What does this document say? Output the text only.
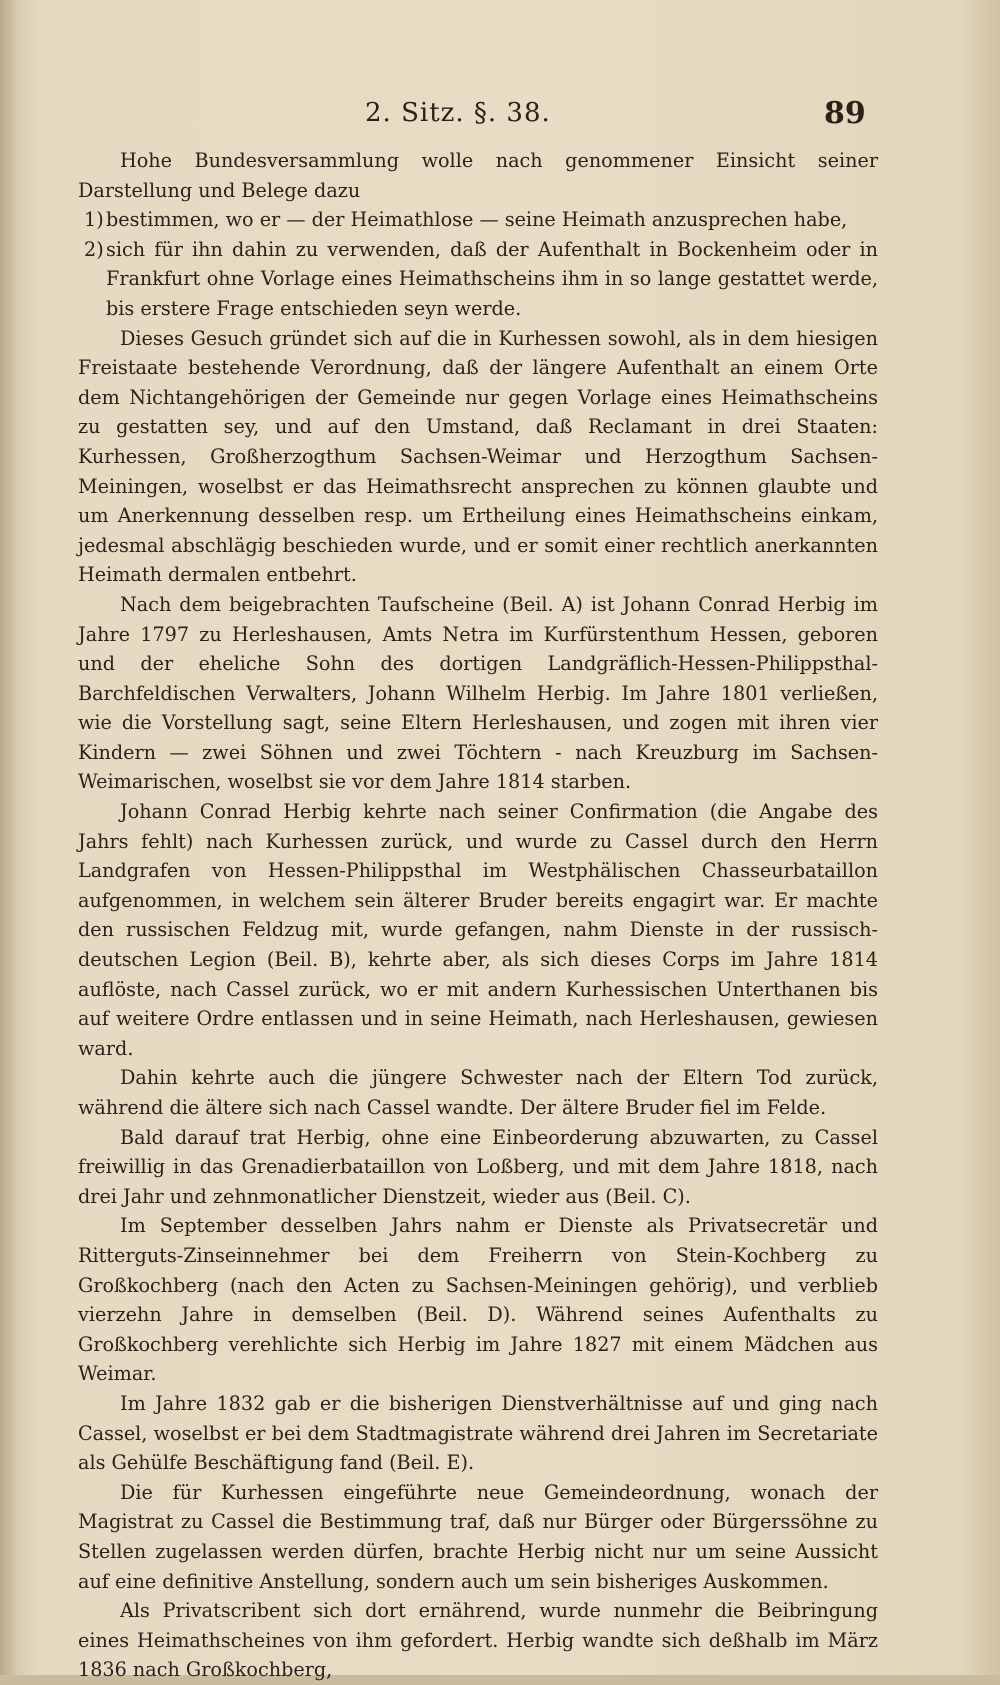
2. Sitz. §. 38.	89

Hohe Bundesversammlung wolle nach genommener Einsicht seiner Darstellung und Belege dazu

1) bestimmen, wo er — der Heimathlose — seine Heimath anzusprechen habe,

2) sich für ihn dahin zu verwenden, daß der Aufenthalt in Bockenheim oder in Frankfurt ohne Vorlage eines Heimathscheins ihm in so lange gestattet werde, bis erstere Frage entschieden seyn werde.

Dieses Gesuch gründet sich auf die in Kurhessen sowohl, als in dem hiesigen Freistaate bestehende Verordnung, daß der längere Aufenthalt an einem Orte dem Nichtangehörigen der Gemeinde nur gegen Vorlage eines Heimathscheins zu gestatten sey, und auf den Umstand, daß Reclamant in drei Staaten: Kurhessen, Großherzogthum Sachsen-Weimar und Herzogthum Sachsen-Meiningen, woselbst er das Heimathsrecht ansprechen zu können glaubte und um Anerkennung desselben resp. um Ertheilung eines Heimathscheins einkam, jedesmal abschlägig beschieden wurde, und er somit einer rechtlich anerkannten Heimath dermalen entbehrt.

Nach dem beigebrachten Taufscheine (Beil. A) ist Johann Conrad Herbig im Jahre 1797 zu Herleshausen, Amts Netra im Kurfürstenthum Hessen, geboren und der eheliche Sohn des dortigen Landgräflich-Hessen-Philippsthal-Barchfeldischen Verwalters, Johann Wilhelm Herbig. Im Jahre 1801 verließen, wie die Vorstellung sagt, seine Eltern Herleshausen, und zogen mit ihren vier Kindern — zwei Söhnen und zwei Töchtern - nach Kreuzburg im Sachsen-Weimarischen, woselbst sie vor dem Jahre 1814 starben.

Johann Conrad Herbig kehrte nach seiner Confirmation (die Angabe des Jahrs fehlt) nach Kurhessen zurück, und wurde zu Cassel durch den Herrn Landgrafen von Hessen-Philippsthal im Westphälischen Chasseurbataillon aufgenommen, in welchem sein älterer Bruder bereits engagirt war. Er machte den russischen Feldzug mit, wurde gefangen, nahm Dienste in der russisch-deutschen Legion (Beil. B), kehrte aber, als sich dieses Corps im Jahre 1814 auflöste, nach Cassel zurück, wo er mit andern Kurhessischen Unterthanen bis auf weitere Ordre entlassen und in seine Heimath, nach Herleshausen, gewiesen ward.

Dahin kehrte auch die jüngere Schwester nach der Eltern Tod zurück, während die ältere sich nach Cassel wandte. Der ältere Bruder fiel im Felde.

Bald darauf trat Herbig, ohne eine Einbeorderung abzuwarten, zu Cassel freiwillig in das Grenadierbataillon von Loßberg, und mit dem Jahre 1818, nach drei Jahr und zehnmonatlicher Dienstzeit, wieder aus (Beil. C).

Im September desselben Jahrs nahm er Dienste als Privatsecretär und Ritterguts-Zinseinnehmer bei dem Freiherrn von Stein-Kochberg zu Großkochberg (nach den Acten zu Sachsen-Meiningen gehörig), und verblieb vierzehn Jahre in demselben (Beil. D). Während seines Aufenthalts zu Großkochberg verehlichte sich Herbig im Jahre 1827 mit einem Mädchen aus Weimar.

Im Jahre 1832 gab er die bisherigen Dienstverhältnisse auf und ging nach Cassel, woselbst er bei dem Stadtmagistrate während drei Jahren im Secretariate als Gehülfe Beschäftigung fand (Beil. E).

Die für Kurhessen eingeführte neue Gemeindeordnung, wonach der Magistrat zu Cassel die Bestimmung traf, daß nur Bürger oder Bürgerssöhne zu Stellen zugelassen werden dürfen, brachte Herbig nicht nur um seine Aussicht auf eine definitive Anstellung, sondern auch um sein bisheriges Auskommen.

Als Privatscribent sich dort ernährend, wurde nunmehr die Beibringung eines Heimathscheines von ihm gefordert. Herbig wandte sich deßhalb im März 1836 nach Großkochberg,
